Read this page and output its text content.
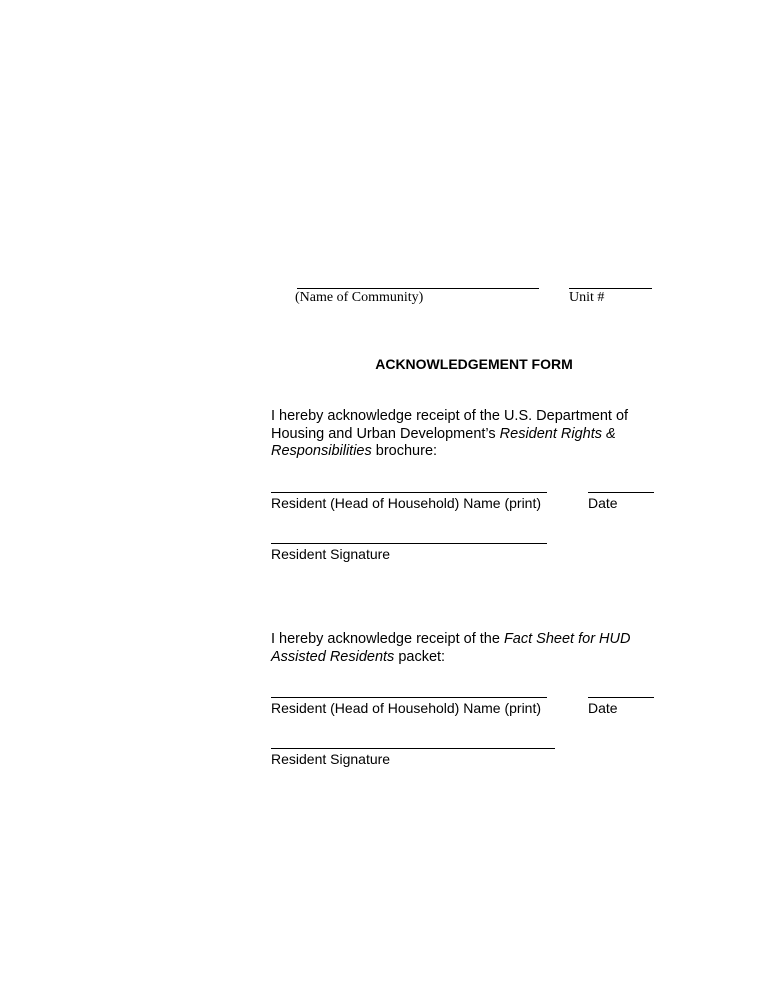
(Name of Community)	Unit #
ACKNOWLEDGEMENT FORM
I hereby acknowledge receipt of the U.S. Department of Housing and Urban Development’s Resident Rights & Responsibilities brochure:
Resident (Head of Household) Name (print)	Date
Resident Signature
I hereby acknowledge receipt of the Fact Sheet for HUD Assisted Residents packet:
Resident (Head of Household) Name (print)	Date
Resident Signature
